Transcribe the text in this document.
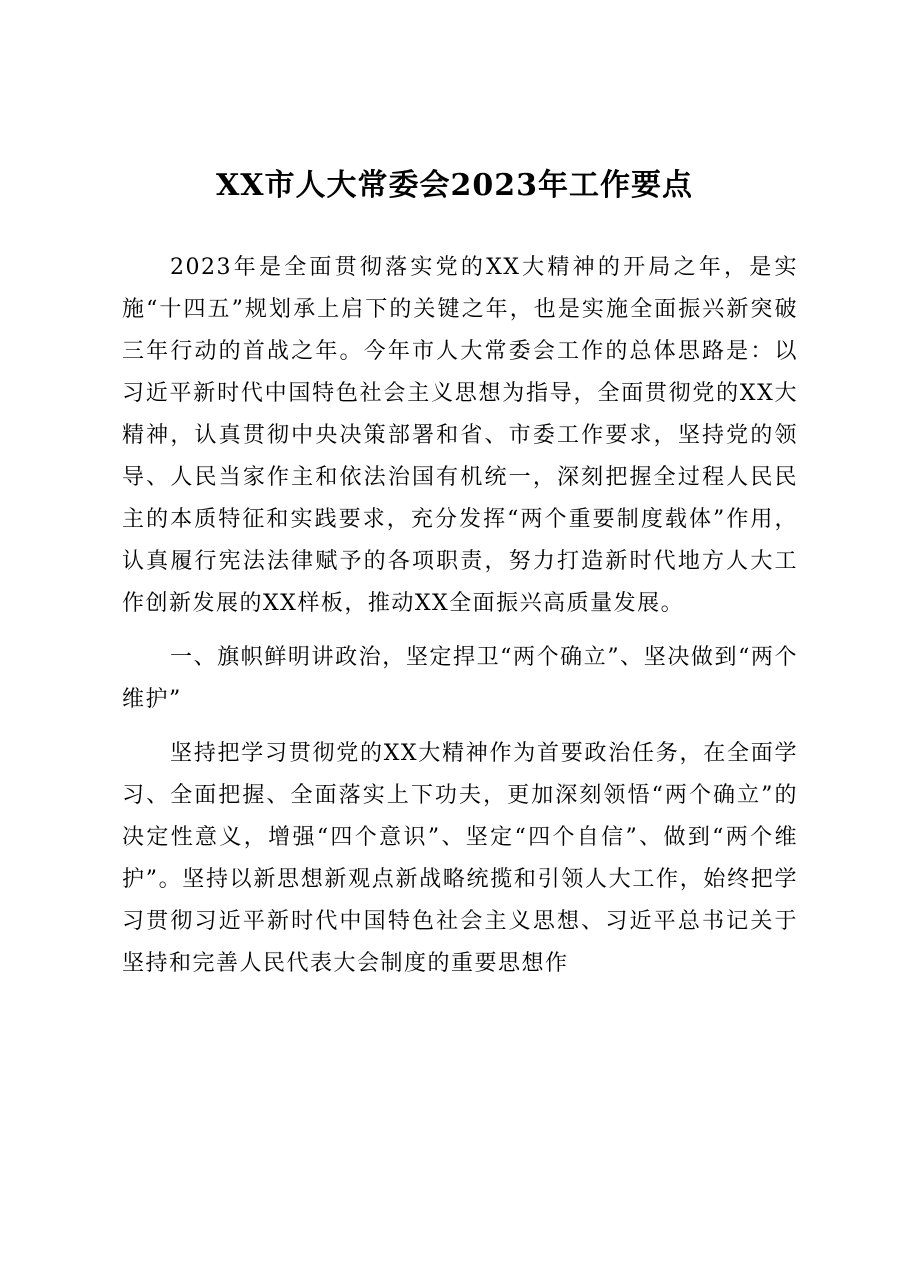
XX市人大常委会2023年工作要点

2023年是全面贯彻落实党的XX大精神的开局之年，是实施“十四五”规划承上启下的关键之年，也是实施全面振兴新突破三年行动的首战之年。今年市人大常委会工作的总体思路是：以习近平新时代中国特色社会主义思想为指导，全面贯彻党的XX大精神，认真贯彻中央决策部署和省、市委工作要求，坚持党的领导、人民当家作主和依法治国有机统一，深刻把握全过程人民民主的本质特征和实践要求，充分发挥“两个重要制度载体”作用，认真履行宪法法律赋予的各项职责，努力打造新时代地方人大工作创新发展的XX样板，推动XX全面振兴高质量发展。

一、旗帜鲜明讲政治，坚定捍卫“两个确立”、坚决做到“两个维护”

坚持把学习贯彻党的XX大精神作为首要政治任务，在全面学习、全面把握、全面落实上下功夫，更加深刻领悟“两个确立”的决定性意义，增强“四个意识”、坚定“四个自信”、做到“两个维护”。坚持以新思想新观点新战略统揽和引领人大工作，始终把学习贯彻习近平新时代中国特色社会主义思想、习近平总书记关于坚持和完善人民代表大会制度的重要思想作
